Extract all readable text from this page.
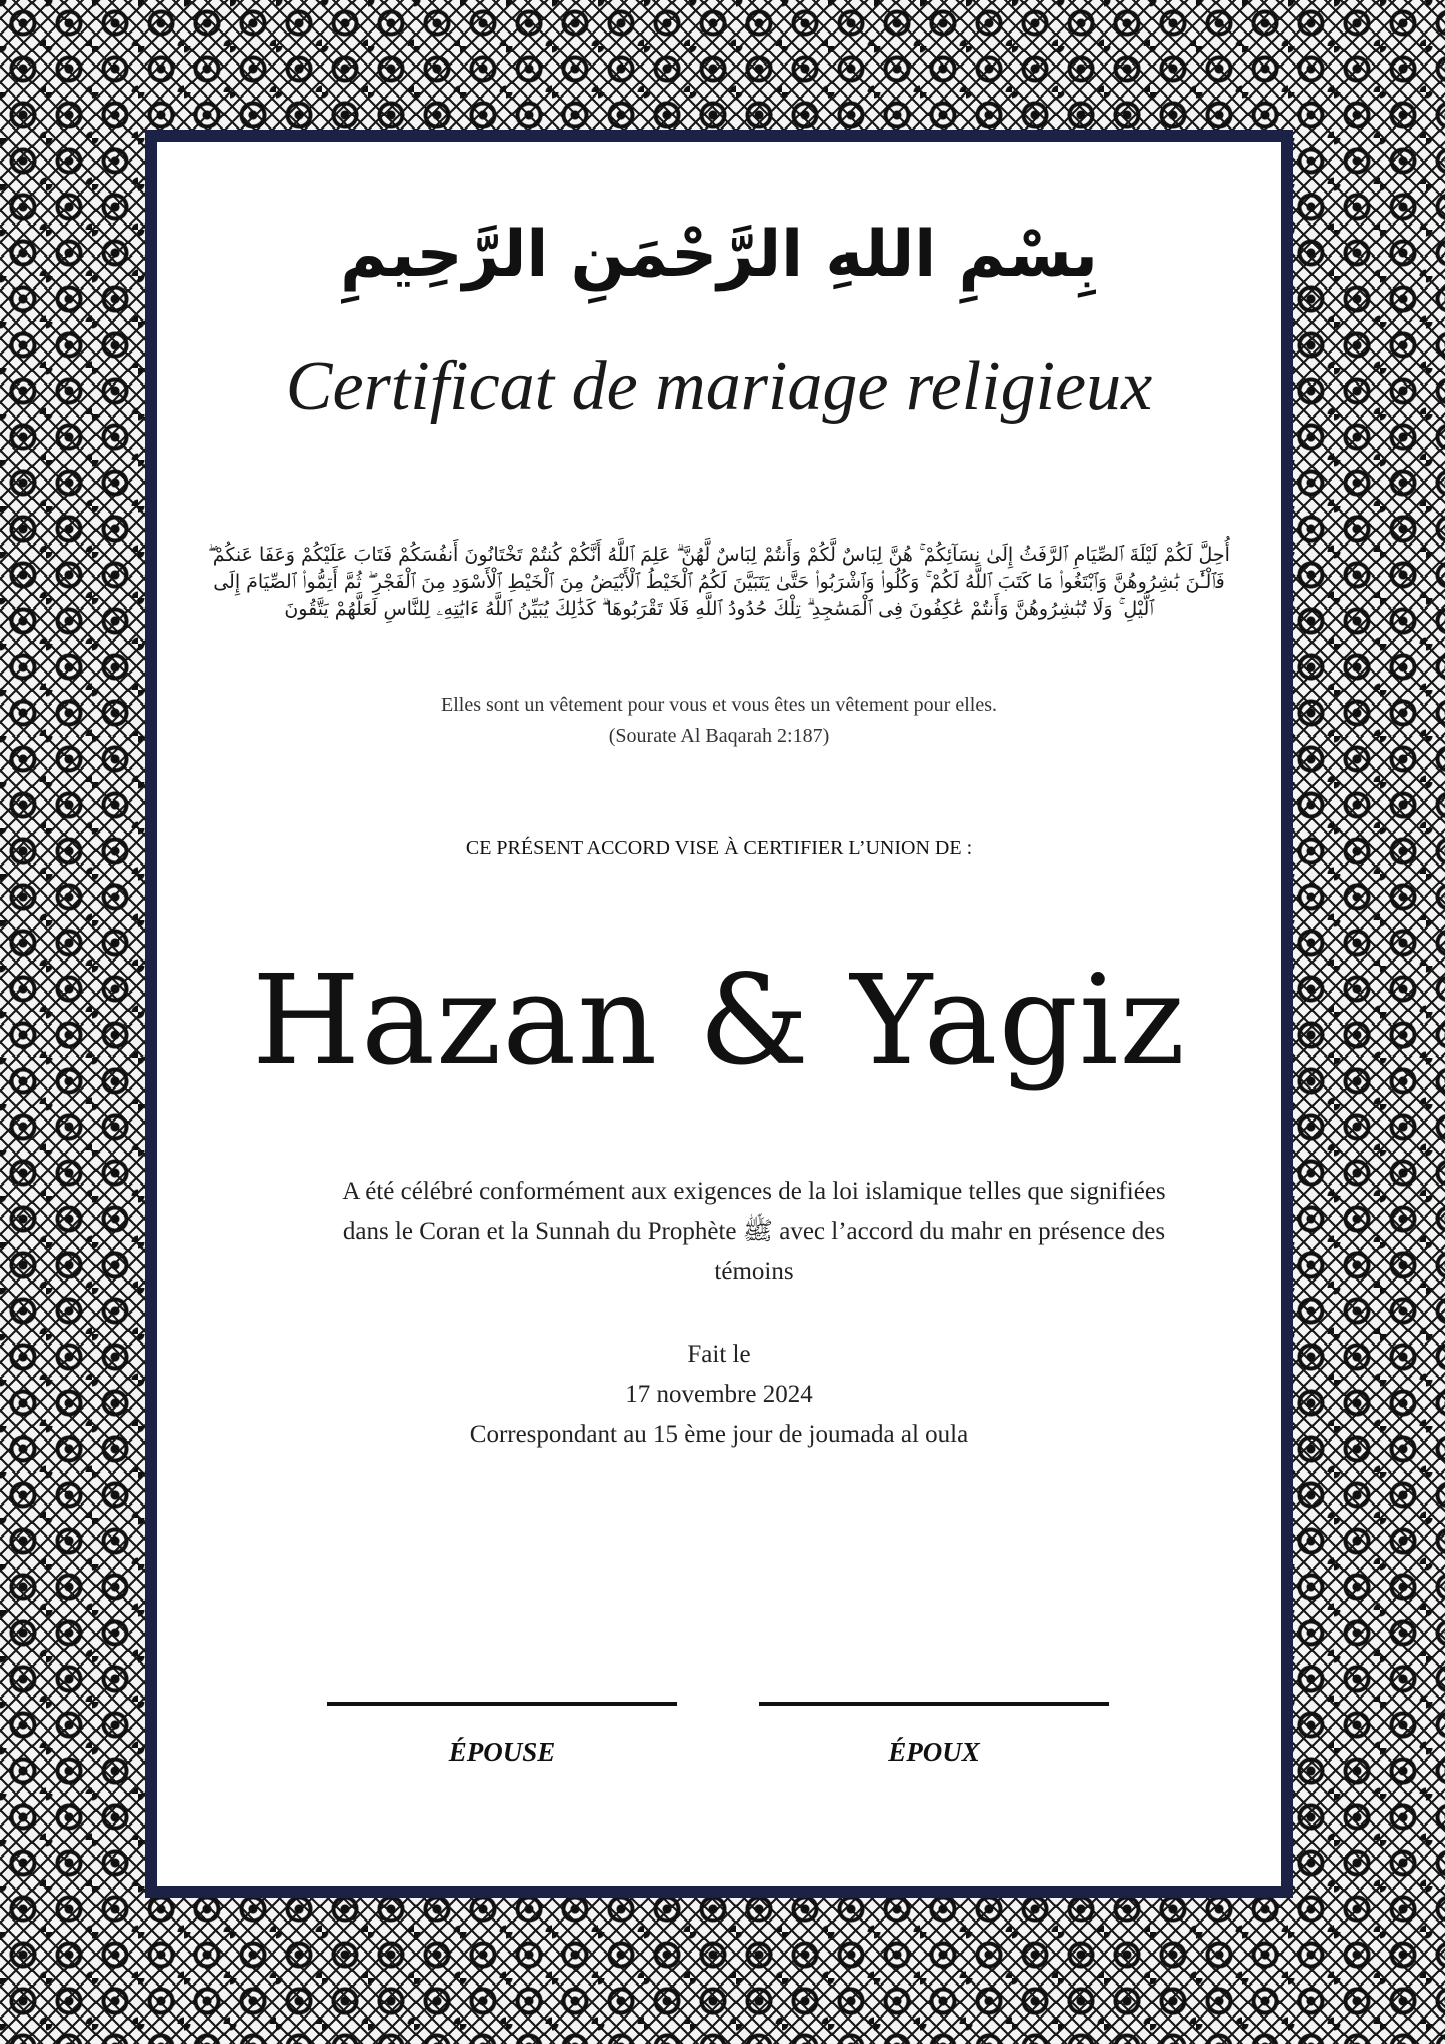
بِسْمِ اللهِ الرَّحْمَنِ الرَّحِيمِ
Certificat de mariage religieux
أُحِلَّ لَكُمْ لَيْلَةَ ٱلصِّيَامِ ٱلرَّفَثُ إِلَىٰ نِسَآئِكُمْ ۚ هُنَّ لِبَاسٌ لَّكُمْ وَأَنتُمْ لِبَاسٌ لَّهُنَّ ۗ عَلِمَ ٱللَّهُ أَنَّكُمْ كُنتُمْ تَخْتَانُونَ أَنفُسَكُمْ فَتَابَ عَلَيْكُمْ وَعَفَا عَنكُمْ ۖ فَٱلْـَٰٔنَ بَٰشِرُوهُنَّ وَٱبْتَغُوا۟ مَا كَتَبَ ٱللَّهُ لَكُمْ ۚ وَكُلُوا۟ وَٱشْرَبُوا۟ حَتَّىٰ يَتَبَيَّنَ لَكُمُ ٱلْخَيْطُ ٱلْأَبْيَضُ مِنَ ٱلْخَيْطِ ٱلْأَسْوَدِ مِنَ ٱلْفَجْرِ ۖ ثُمَّ أَتِمُّوا۟ ٱلصِّيَامَ إِلَى ٱلَّيْلِ ۚ وَلَا تُبَٰشِرُوهُنَّ وَأَنتُمْ عَٰكِفُونَ فِى ٱلْمَسَٰجِدِ ۗ تِلْكَ حُدُودُ ٱللَّهِ فَلَا تَقْرَبُوهَا ۗ كَذَٰلِكَ يُبَيِّنُ ٱللَّهُ ءَايَٰتِهِۦ لِلنَّاسِ لَعَلَّهُمْ يَتَّقُونَ
Elles sont un vêtement pour vous et vous êtes un vêtement pour elles.
(Sourate Al Baqarah 2:187)
CE PRÉSENT ACCORD VISE À CERTIFIER L’UNION DE :
Hazan & Yagiz
A été célébré conformément aux exigences de la loi islamique telles que signifiées
dans le Coran et la Sunnah du Prophète ﷺ avec l’accord du mahr en présence des
témoins
Fait le
17 novembre 2024
Correspondant au 15 ème jour de joumada al oula
ÉPOUSE	ÉPOUX
